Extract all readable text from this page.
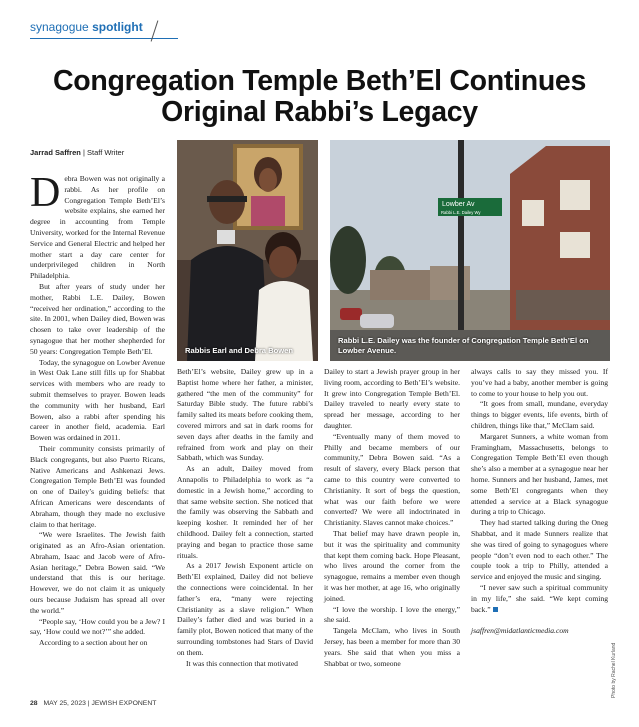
synagogue spotlight
Congregation Temple Beth’El Continues
Original Rabbi’s Legacy
Jarrad Saffren | Staff Writer
Rabbis Earl and Debra Bowen
Lowber Av
Rabbi L.E. Dailey Wy
Rabbi L.E. Dailey was the founder of Congregation Temple Beth’El on
Lowber Avenue.

Debra Bowen was not originally a rabbi. As her profile on Congregation Temple Beth’El’s website explains, she earned her degree in accounting from Temple University, worked for the Internal Revenue Service and General Electric and helped her mother start a day care center for underprivileged children in North Philadelphia.

But after years of study under her mother, Rabbi L.E. Dailey, Bowen “received her ordination,” according to the site. In 2001, when Dailey died, Bowen was chosen to take over leadership of the synagogue that her mother shepherded for 50 years: Congregation Temple Beth’El.

Today, the synagogue on Lowber Avenue in West Oak Lane still fills up for Shabbat services with members who are ready to submit themselves to prayer. Bowen leads the community with her husband, Earl Bowen, also a rabbi after spending his career in another field, academia. Earl Bowen was ordained in 2011.

Their community consists primarily of Black congregants, but also Puerto Ricans, Native Americans and Ashkenazi Jews. Congregation Temple Beth’El was founded on one of Dailey’s guiding beliefs: that African Americans were descendants of Abraham, though they made no exclusive claim to that heritage.

“We were Israelites. The Jewish faith originated as an Afro-Asian orientation. Abraham, Isaac and Jacob were of Afro-Asian heritage,” Debra Bowen said. “We understand that this is our heritage. However, we do not claim it as uniquely ours because Judaism has spread all over the world.”

“People say, ‘How could you be a Jew? I say, ‘How could we not?’” she added.

According to a section about her on

Beth’El’s website, Dailey grew up in a Baptist home where her father, a minister, gathered “the men of the community” for Saturday Bible study. The future rabbi’s family salted its meats before cooking them, covered mirrors and sat in dark rooms for seven days after deaths in the family and refrained from work and play on their Sabbath, which was Sunday.

As an adult, Dailey moved from Annapolis to Philadelphia to work as “a domestic in a Jewish home,” according to that same website section. She noticed that the family was observing the Sabbath and keeping kosher. It reminded her of her childhood. Dailey felt a connection, started praying and began to practice those same rituals.

As a 2017 Jewish Exponent article on Beth’El explained, Dailey did not believe the connections were coincidental. In her father’s era, “many were rejecting Christianity as a slave religion.” When Dailey’s father died and was buried in a family plot, Bowen noticed that many of the surrounding tombstones had Stars of David on them.

It was this connection that motivated

Dailey to start a Jewish prayer group in her living room, according to Beth’El’s website. It grew into Congregation Temple Beth’El. Dailey traveled to nearly every state to spread her message, according to her daughter.

“Eventually many of them moved to Philly and became members of our community,” Debra Bowen said. “As a result of slavery, every Black person that came to this country were converted to Christianity. It sort of begs the question, what was our faith before we were converted? We were all indoctrinated in Christianity. Slaves cannot make choices.”

That belief may have drawn people in, but it was the spirituality and community that kept them coming back. Hope Pleasant, who lives around the corner from the synagogue, remains a member even though it was her mother, at age 16, who originally joined.

“I love the worship. I love the energy,” she said.

Tangela McClam, who lives in South Jersey, has been a member for more than 30 years. She said that when you miss a Shabbat or two, someone

always calls to say they missed you. If you’ve had a baby, another member is going to come to your house to help you out.

“It goes from small, mundane, everyday things to bigger events, life events, birth of children, things like that,” McClam said.

Margaret Sunners, a white woman from Framingham, Massachusetts, belongs to Congregation Temple Beth’El even though she’s also a member at a synagogue near her home. Sunners and her husband, James, met some Beth’El congregants when they attended a service at a Black synagogue during a trip to Chicago.

They had started talking during the Oneg Shabbat, and it made Sunners realize that she was tired of going to synagogues where people “don’t even nod to each other.” The couple took a trip to Philly, attended a service and enjoyed the music and singing.

“I never saw such a spiritual community in my life,” she said. “We kept coming back.”

jsaffren@midatlanticmedia.com

Photo by Rachel Kurland
28 MAY 25, 2023 | JEWISH EXPONENT
